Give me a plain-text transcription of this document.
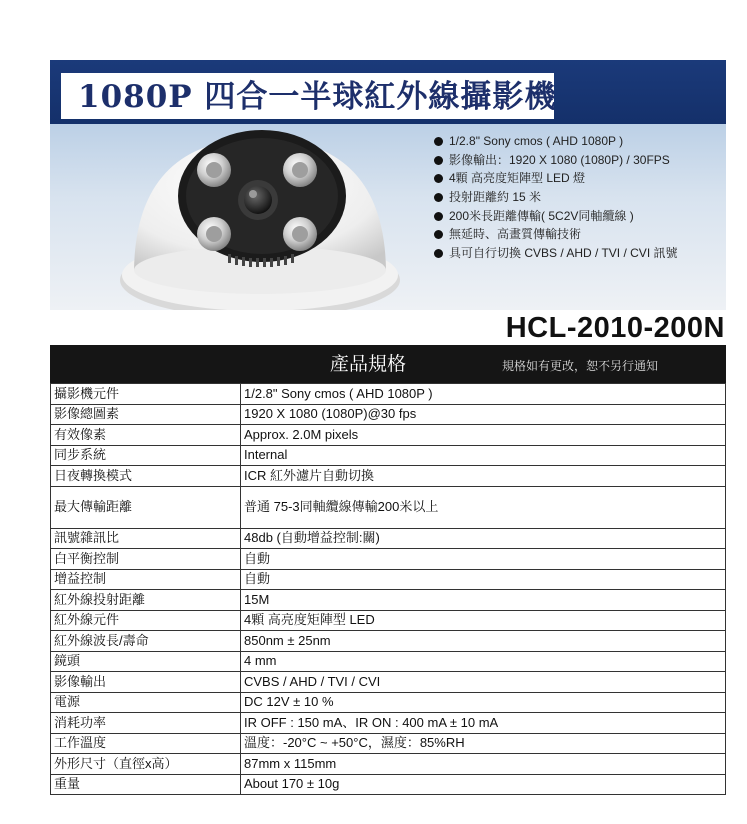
1080P 四合一半球紅外線攝影機
1/2.8" Sony cmos ( AHD 1080P )
影像輸出：1920 X 1080 (1080P) / 30FPS
4顆 高亮度矩陣型 LED 燈
投射距離約 15 米
200米長距離傳輸( 5C2V同軸纜線 )
無延時、高畫質傳輸技術
具可自行切換 CVBS / AHD / TVI / CVI 訊號
HCL-2010-200N
產品規格	規格如有更改，恕不另行通知
攝影機元件	1/2.8" Sony cmos ( AHD 1080P )
影像總圖素	1920 X 1080 (1080P)@30 fps
有效像素	Approx. 2.0M pixels
同步系統	Internal
日夜轉換模式	ICR 紅外濾片自動切換
最大傳輸距離	普通 75-3同軸纜線傳輸200米以上
訊號雜訊比	48db (自動增益控制:關)
白平衡控制	自動
增益控制	自動
紅外線投射距離	15M
紅外線元件	4顆 高亮度矩陣型 LED
紅外線波長/壽命	850nm ± 25nm
鏡頭	4 mm
影像輸出	CVBS / AHD / TVI / CVI
電源	DC 12V ± 10 %
消耗功率	IR OFF : 150 mA、IR ON : 400 mA ± 10 mA
工作溫度	溫度：-20°C ~ +50°C，濕度：85%RH
外形尺寸（直徑x高）	87mm x 115mm
重量	About 170 ± 10g
